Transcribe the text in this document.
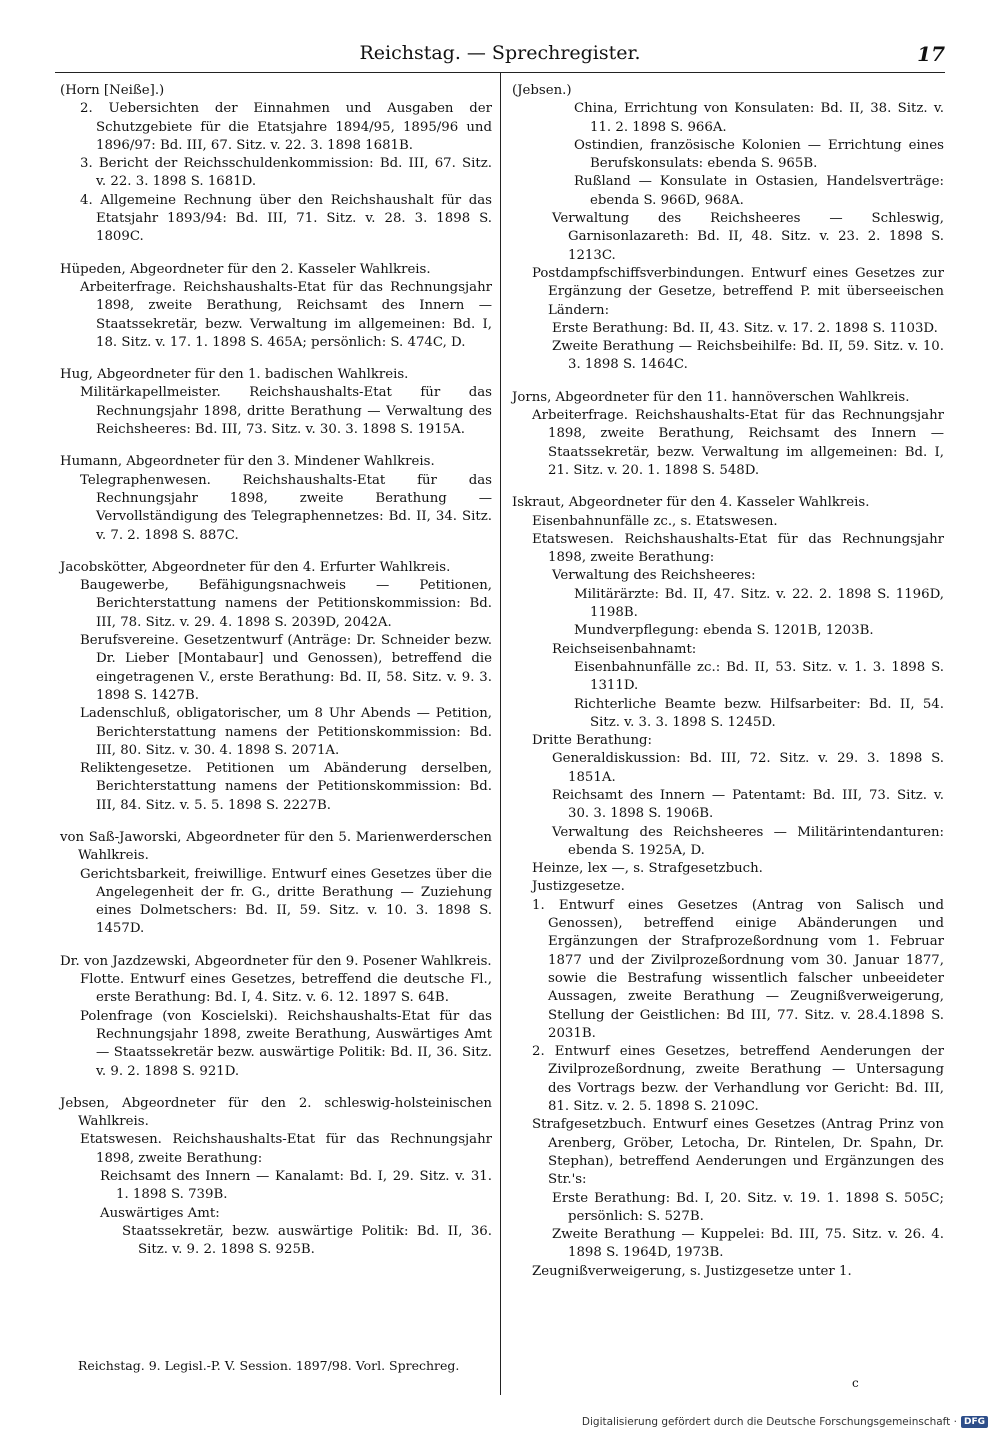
Reichstag. — Sprechregister.	17

(Horn [Neiße].)

2. Uebersichten der Einnahmen und Ausgaben der Schutzgebiete für die Etatsjahre 1894/95, 1895/96 und 1896/97: Bd. III, 67. Sitz. v. 22. 3. 1898 1681B.

3. Bericht der Reichsschuldenkommission: Bd. III, 67. Sitz. v. 22. 3. 1898 S. 1681D.

4. Allgemeine Rechnung über den Reichshaushalt für das Etatsjahr 1893/94: Bd. III, 71. Sitz. v. 28. 3. 1898 S. 1809C.

Hüpeden, Abgeordneter für den 2. Kasseler Wahlkreis.

Arbeiterfrage. Reichshaushalts-Etat für das Rechnungsjahr 1898, zweite Berathung, Reichsamt des Innern — Staatssekretär, bezw. Verwaltung im allgemeinen: Bd. I, 18. Sitz. v. 17. 1. 1898 S. 465A; persönlich: S. 474C, D.

Hug, Abgeordneter für den 1. badischen Wahlkreis.

Militärkapellmeister. Reichshaushalts-Etat für das Rechnungsjahr 1898, dritte Berathung — Verwaltung des Reichsheeres: Bd. III, 73. Sitz. v. 30. 3. 1898 S. 1915A.

Humann, Abgeordneter für den 3. Mindener Wahlkreis.

Telegraphenwesen. Reichshaushalts-Etat für das Rechnungsjahr 1898, zweite Berathung — Vervollständigung des Telegraphennetzes: Bd. II, 34. Sitz. v. 7. 2. 1898 S. 887C.

Jacobskötter, Abgeordneter für den 4. Erfurter Wahlkreis.

Baugewerbe, Befähigungsnachweis — Petitionen, Berichterstattung namens der Petitionskommission: Bd. III, 78. Sitz. v. 29. 4. 1898 S. 2039D, 2042A.

Berufsvereine. Gesetzentwurf (Anträge: Dr. Schneider bezw. Dr. Lieber [Montabaur] und Genossen), betreffend die eingetragenen V., erste Berathung: Bd. II, 58. Sitz. v. 9. 3. 1898 S. 1427B.

Ladenschluß, obligatorischer, um 8 Uhr Abends — Petition, Berichterstattung namens der Petitionskommission: Bd. III, 80. Sitz. v. 30. 4. 1898 S. 2071A.

Reliktengesetze. Petitionen um Abänderung derselben, Berichterstattung namens der Petitionskommission: Bd. III, 84. Sitz. v. 5. 5. 1898 S. 2227B.

von Saß-Jaworski, Abgeordneter für den 5. Marienwerderschen Wahlkreis.

Gerichtsbarkeit, freiwillige. Entwurf eines Gesetzes über die Angelegenheit der fr. G., dritte Berathung — Zuziehung eines Dolmetschers: Bd. II, 59. Sitz. v. 10. 3. 1898 S. 1457D.

Dr. von Jazdzewski, Abgeordneter für den 9. Posener Wahlkreis.

Flotte. Entwurf eines Gesetzes, betreffend die deutsche Fl., erste Berathung: Bd. I, 4. Sitz. v. 6. 12. 1897 S. 64B.

Polenfrage (von Koscielski). Reichshaushalts-Etat für das Rechnungsjahr 1898, zweite Berathung, Auswärtiges Amt — Staatssekretär bezw. auswärtige Politik: Bd. II, 36. Sitz. v. 9. 2. 1898 S. 921D.

Jebsen, Abgeordneter für den 2. schleswig-holsteinischen Wahlkreis.

Etatswesen. Reichshaushalts-Etat für das Rechnungsjahr 1898, zweite Berathung:

Reichsamt des Innern — Kanalamt: Bd. I, 29. Sitz. v. 31. 1. 1898 S. 739B.

Auswärtiges Amt:

Staatssekretär, bezw. auswärtige Politik: Bd. II, 36. Sitz. v. 9. 2. 1898 S. 925B.

(Jebsen.)

China, Errichtung von Konsulaten: Bd. II, 38. Sitz. v. 11. 2. 1898 S. 966A.

Ostindien, französische Kolonien — Errichtung eines Berufskonsulats: ebenda S. 965B.

Rußland — Konsulate in Ostasien, Handelsverträge: ebenda S. 966D, 968A.

Verwaltung des Reichsheeres — Schleswig, Garnisonlazareth: Bd. II, 48. Sitz. v. 23. 2. 1898 S. 1213C.

Postdampfschiffsverbindungen. Entwurf eines Gesetzes zur Ergänzung der Gesetze, betreffend P. mit überseeischen Ländern:

Erste Berathung: Bd. II, 43. Sitz. v. 17. 2. 1898 S. 1103D.

Zweite Berathung — Reichsbeihilfe: Bd. II, 59. Sitz. v. 10. 3. 1898 S. 1464C.

Jorns, Abgeordneter für den 11. hannöverschen Wahlkreis.

Arbeiterfrage. Reichshaushalts-Etat für das Rechnungsjahr 1898, zweite Berathung, Reichsamt des Innern — Staatssekretär, bezw. Verwaltung im allgemeinen: Bd. I, 21. Sitz. v. 20. 1. 1898 S. 548D.

Iskraut, Abgeordneter für den 4. Kasseler Wahlkreis.

Eisenbahnunfälle zc., s. Etatswesen.

Etatswesen. Reichshaushalts-Etat für das Rechnungsjahr 1898, zweite Berathung:

Verwaltung des Reichsheeres:

Militärärzte: Bd. II, 47. Sitz. v. 22. 2. 1898 S. 1196D, 1198B.

Mundverpflegung: ebenda S. 1201B, 1203B.

Reichseisenbahnamt:

Eisenbahnunfälle zc.: Bd. II, 53. Sitz. v. 1. 3. 1898 S. 1311D.

Richterliche Beamte bezw. Hilfsarbeiter: Bd. II, 54. Sitz. v. 3. 3. 1898 S. 1245D.

Dritte Berathung:

Generaldiskussion: Bd. III, 72. Sitz. v. 29. 3. 1898 S. 1851A.

Reichsamt des Innern — Patentamt: Bd. III, 73. Sitz. v. 30. 3. 1898 S. 1906B.

Verwaltung des Reichsheeres — Militärintendanturen: ebenda S. 1925A, D.

Heinze, lex —, s. Strafgesetzbuch.

Justizgesetze.

1. Entwurf eines Gesetzes (Antrag von Salisch und Genossen), betreffend einige Abänderungen und Ergänzungen der Strafprozeßordnung vom 1. Februar 1877 und der Zivilprozeßordnung vom 30. Januar 1877, sowie die Bestrafung wissentlich falscher unbeeidеter Aussagen, zweite Berathung — Zeugnißverweigerung, Stellung der Geistlichen: Bd III, 77. Sitz. v. 28.4.1898 S. 2031B.

2. Entwurf eines Gesetzes, betreffend Aenderungen der Zivilprozeßordnung, zweite Berathung — Untersagung des Vortrags bezw. der Verhandlung vor Gericht: Bd. III, 81. Sitz. v. 2. 5. 1898 S. 2109C.

Strafgesetzbuch. Entwurf eines Gesetzes (Antrag Prinz von Arenberg, Gröber, Letocha, Dr. Rintelen, Dr. Spahn, Dr. Stephan), betreffend Aenderungen und Ergänzungen des Str.'s:

Erste Berathung: Bd. I, 20. Sitz. v. 19. 1. 1898 S. 505C; persönlich: S. 527B.

Zweite Berathung — Kuppelei: Bd. III, 75. Sitz. v. 26. 4. 1898 S. 1964D, 1973B.

Zeugnißverweigerung, s. Justizgesetze unter 1.

Reichstag. 9. Legisl.-P. V. Session. 1897/98. Vorl. Sprechreg.
c
Digitalisierung gefördert durch die Deutsche Forschungsgemeinschaft · DFG
